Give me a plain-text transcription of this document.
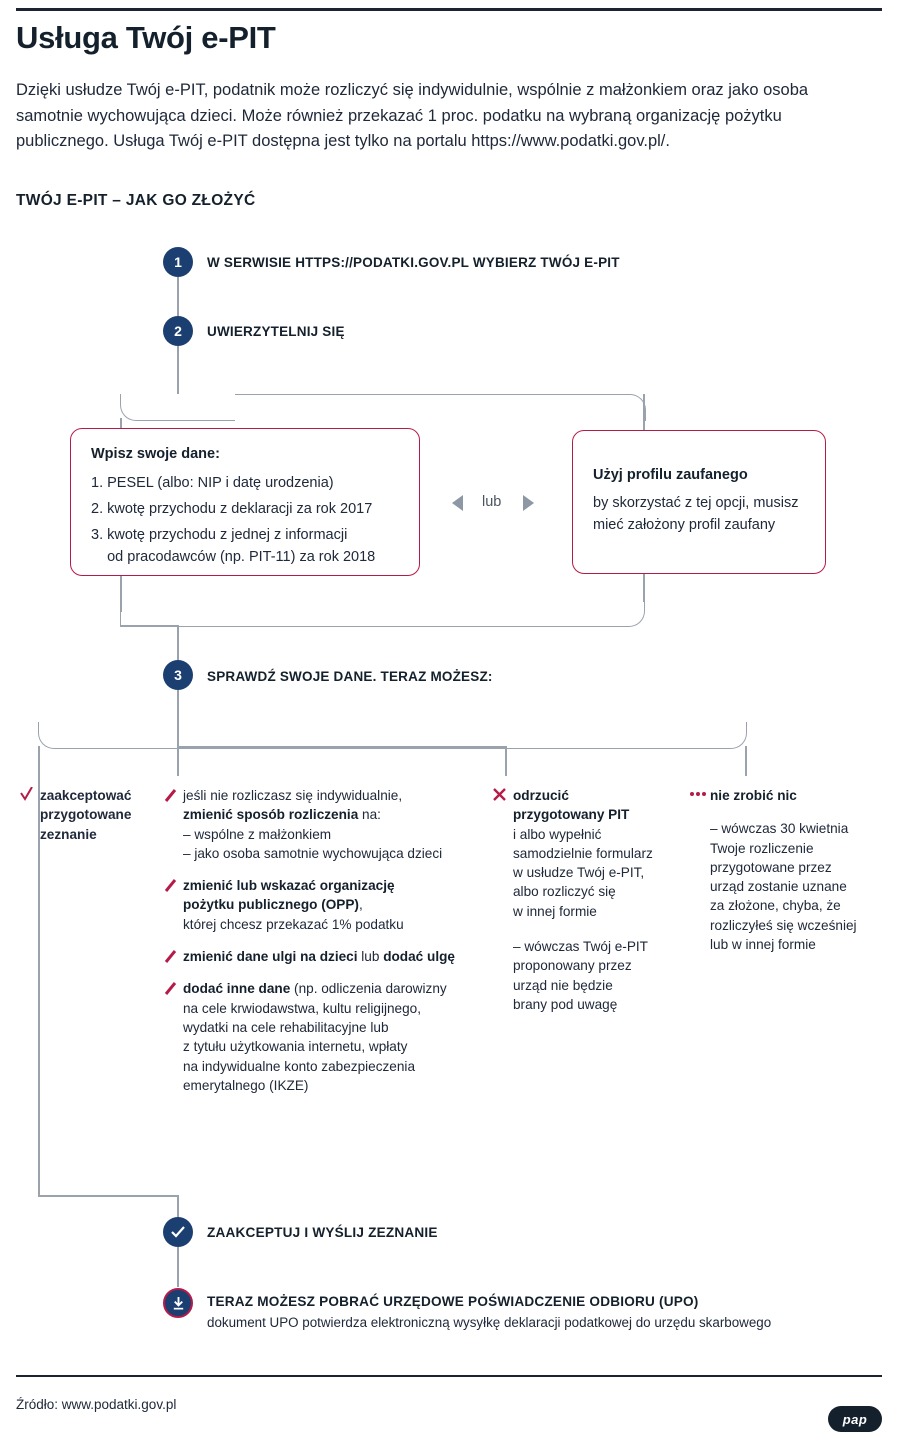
Usługa Twój e-PIT
Dzięki usłudze Twój e-PIT, podatnik może rozliczyć się indywidulnie, wspólnie z małżonkiem oraz jako osoba samotnie wychowująca dzieci. Może również przekazać 1 proc. podatku na wybraną organizację pożytku publicznego. Usługa Twój e-PIT dostępna jest tylko na portalu https://www.podatki.gov.pl/.
TWÓJ E-PIT – JAK GO ZŁOŻYĆ
1	W SERWISIE HTTPS://PODATKI.GOV.PL WYBIERZ TWÓJ E-PIT
2	UWIERZYTELNIJ SIĘ
Wpisz swoje dane:
1. PESEL (albo: NIP i datę urodzenia)
2. kwotę przychodu z deklaracji za rok 2017
3. kwotę przychodu z jednej z informacji
od pracodawców (np. PIT-11) za rok 2018
lub
Użyj profilu zaufanego
by skorzystać z tej opcji, musisz
mieć założony profil zaufany
3	SPRAWDŹ SWOJE DANE. TERAZ MOŻESZ:
zaakceptować
przygotowane
zeznanie
jeśli nie rozliczasz się indywidualnie,
zmienić sposób rozliczenia na:
– wspólne z małżonkiem
– jako osoba samotnie wychowująca dzieci
zmienić lub wskazać organizację
pożytku publicznego (OPP),
której chcesz przekazać 1% podatku
zmienić dane ulgi na dzieci lub dodać ulgę
dodać inne dane (np. odliczenia darowizny
na cele krwiodawstwa, kultu religijnego,
wydatki na cele rehabilitacyjne lub
z tytułu użytkowania internetu, wpłaty
na indywidualne konto zabezpieczenia
emerytalnego (IKZE)
odrzucić
przygotowany PIT
i albo wypełnić
samodzielnie formularz
w usłudze Twój e-PIT,
albo rozliczyć się
w innej formie
– wówczas Twój e-PIT
proponowany przez
urząd nie będzie
brany pod uwagę
nie zrobić nic
– wówczas 30 kwietnia
Twoje rozliczenie
przygotowane przez
urząd zostanie uznane
za złożone, chyba, że
rozliczyłeś się wcześniej
lub w innej formie
ZAAKCEPTUJ I WYŚLIJ ZEZNANIE
TERAZ MOŻESZ POBRAĆ URZĘDOWE POŚWIADCZENIE ODBIORU (UPO)
dokument UPO potwierdza elektroniczną wysyłkę deklaracji podatkowej do urzędu skarbowego
Źródło: www.podatki.gov.pl
pap
